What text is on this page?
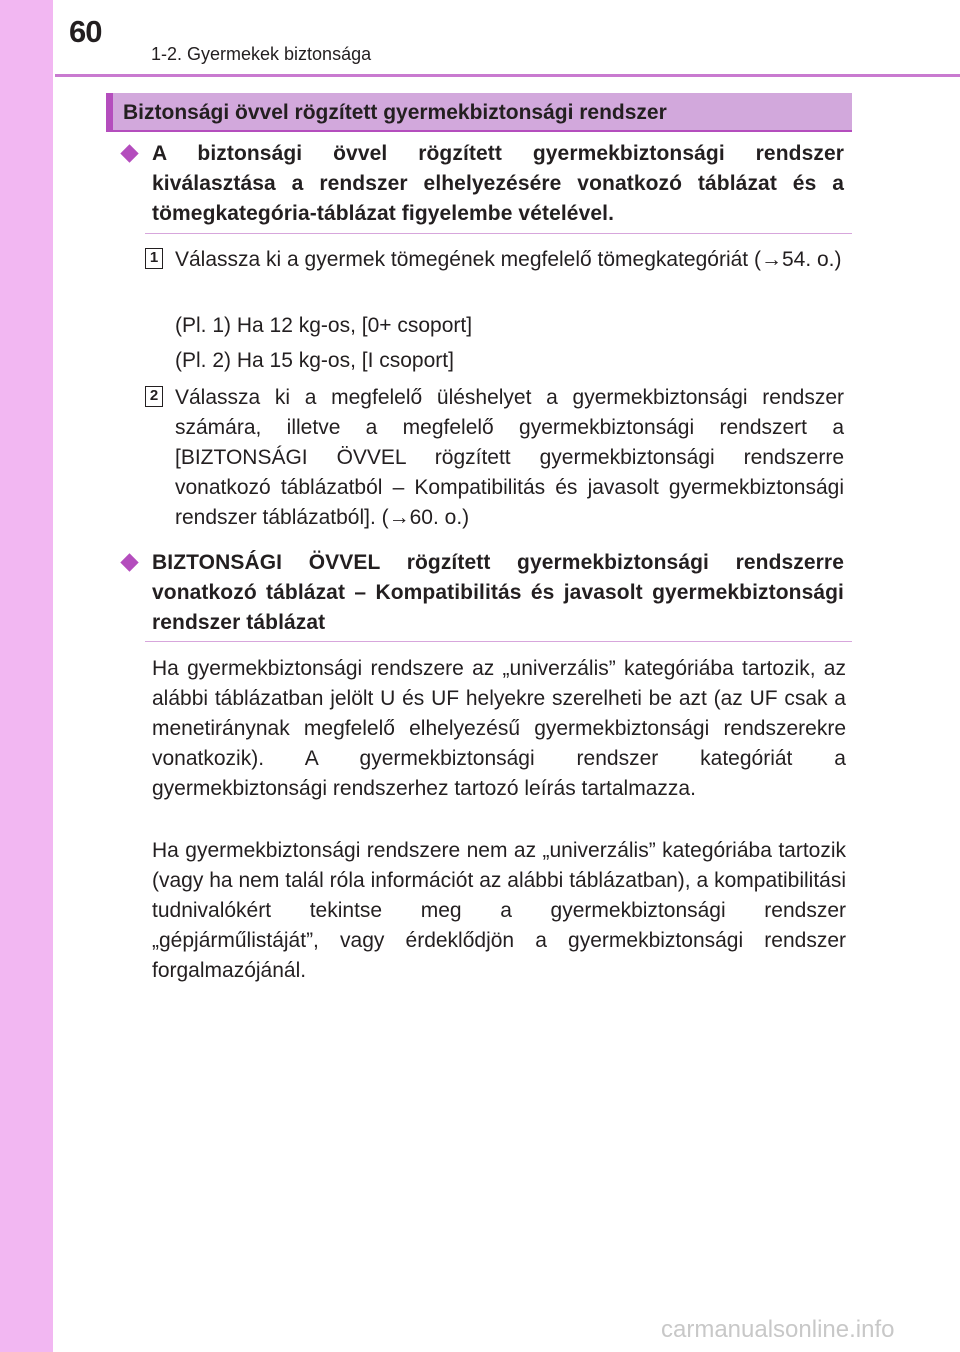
60
1-2. Gyermekek biztonsága
Biztonsági övvel rögzített gyermekbiztonsági rendszer
A biztonsági övvel rögzített gyermekbiztonsági rendszer kiválasztása a rendszer elhelyezésére vonatkozó táblázat és a tömegkategória-táblázat figyelembe vételével.
1 Válassza ki a gyermek tömegének megfelelő tömegkategóriát (→54. o.)
(Pl. 1) Ha 12 kg-os, [0+ csoport]
(Pl. 2) Ha 15 kg-os, [I csoport]
2 Válassza ki a megfelelő üléshelyet a gyermekbiztonsági rendszer számára, illetve a megfelelő gyermekbiztonsági rendszert a [BIZTONSÁGI ÖVVEL rögzített gyermekbiztonsági rendszerre vonatkozó táblázatból – Kompatibilitás és javasolt gyermekbiztonsági rendszer táblázatból]. (→60. o.)
BIZTONSÁGI ÖVVEL rögzített gyermekbiztonsági rendszerre vonatkozó táblázat – Kompatibilitás és javasolt gyermekbiztonsági rendszer táblázat
Ha gyermekbiztonsági rendszere az „univerzális” kategóriába tartozik, az alábbi táblázatban jelölt U és UF helyekre szerelheti be azt (az UF csak a menetiránynak megfelelő elhelyezésű gyermekbiztonsági rendszerekre vonatkozik). A gyermekbiztonsági rendszer kategóriát a gyermekbiztonsági rendszerhez tartozó leírás tartalmazza.
Ha gyermekbiztonsági rendszere nem az „univerzális” kategóriába tartozik (vagy ha nem talál róla információt az alábbi táblázatban), a kompatibilitási tudnivalókért tekintse meg a gyermekbiztonsági rendszer „gépjárműlistáját”, vagy érdeklődjön a gyermekbiztonsági rendszer forgalmazójánál.
carmanualsonline.info
